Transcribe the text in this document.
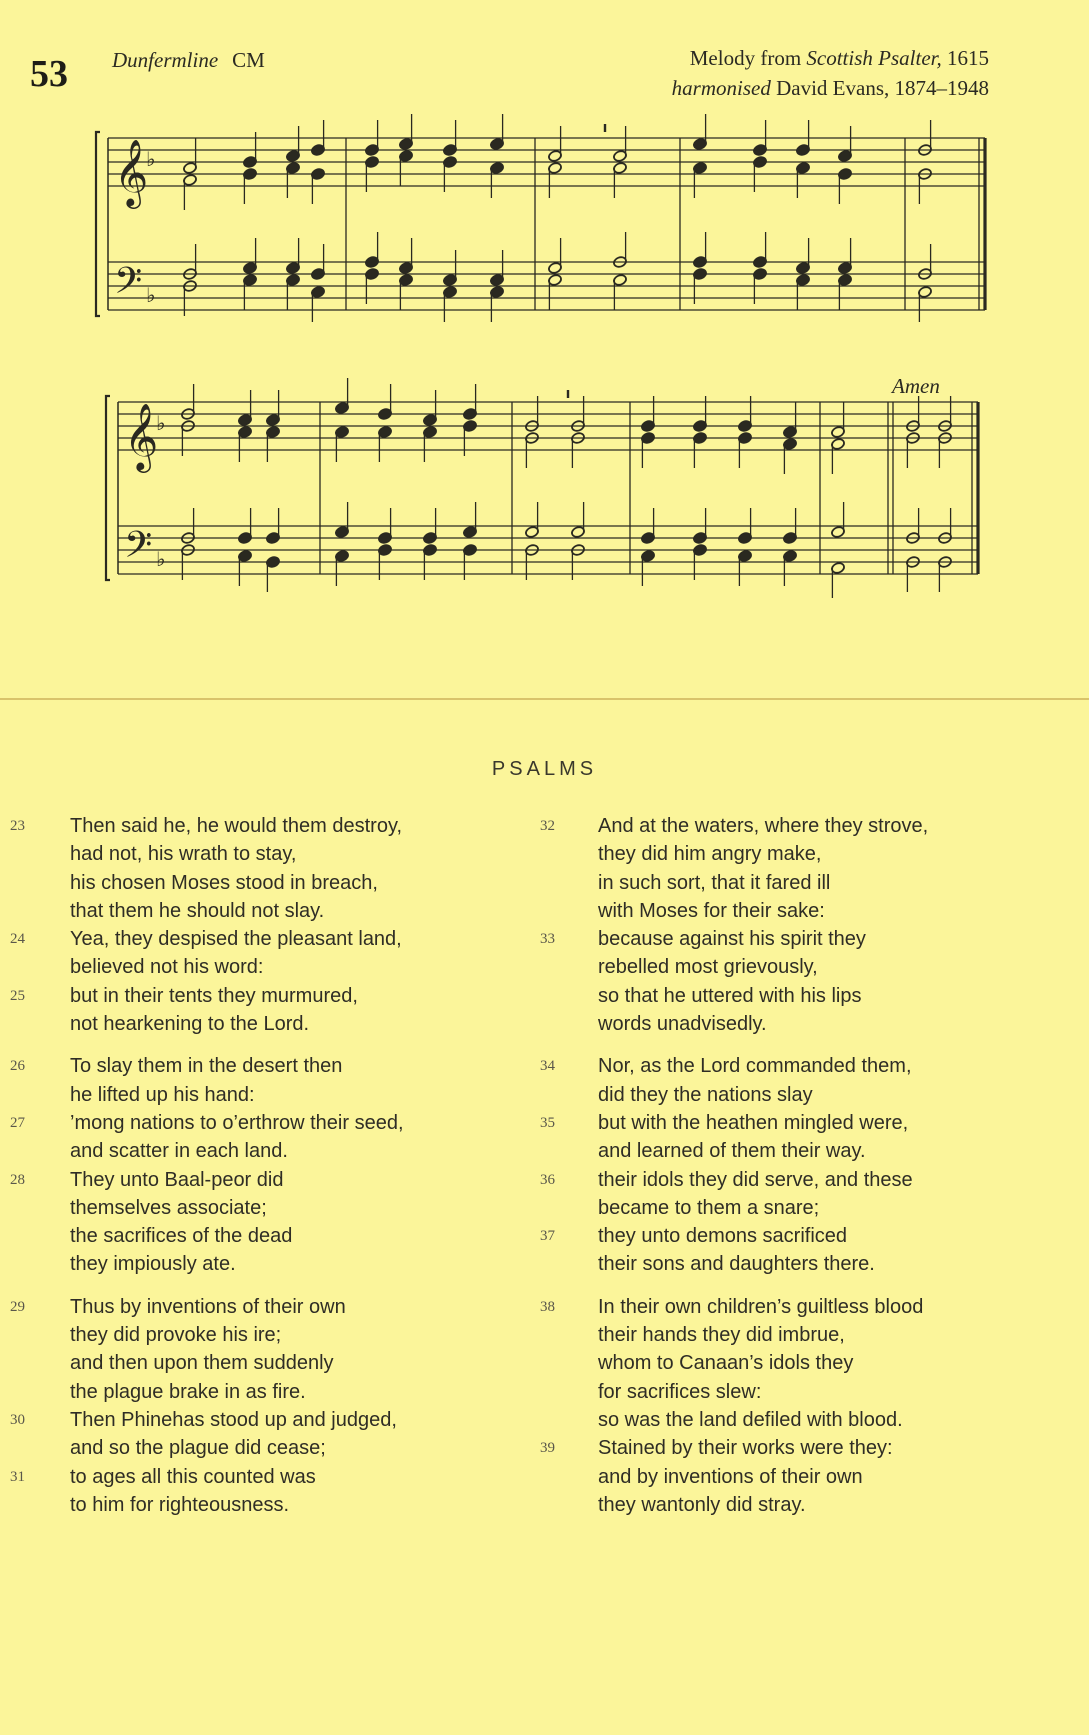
53 Dunfermline CM	Melody from Scottish Psalter, 1615
harmonised David Evans, 1874–1948
𝄞
𝄢
♭
♭
𝄞
𝄢
♭
♭
Amen
PSALMS
23 Then said he, he would them destroy,
had not, his wrath to stay,
his chosen Moses stood in breach,
that them he should not slay.
24 Yea, they despised the pleasant land,
believed not his word:
25 but in their tents they murmured,
not hearkening to the Lord.
26 To slay them in the desert then
he lifted up his hand:
27 ’mong nations to o’erthrow their seed,
and scatter in each land.
28 They unto Baal-peor did
themselves associate;
the sacrifices of the dead
they impiously ate.
29 Thus by inventions of their own
they did provoke his ire;
and then upon them suddenly
the plague brake in as fire.
30 Then Phinehas stood up and judged,
and so the plague did cease;
31 to ages all this counted was
to him for righteousness.
32 And at the waters, where they strove,
they did him angry make,
in such sort, that it fared ill
with Moses for their sake:
33 because against his spirit they
rebelled most grievously,
so that he uttered with his lips
words unadvisedly.
34 Nor, as the Lord commanded them,
did they the nations slay
35 but with the heathen mingled were,
and learned of them their way.
36 their idols they did serve, and these
became to them a snare;
37 they unto demons sacrificed
their sons and daughters there.
38 In their own children’s guiltless blood
their hands they did imbrue,
whom to Canaan’s idols they
for sacrifices slew:
so was the land defiled with blood.
39 Stained by their works were they:
and by inventions of their own
they wantonly did stray.
